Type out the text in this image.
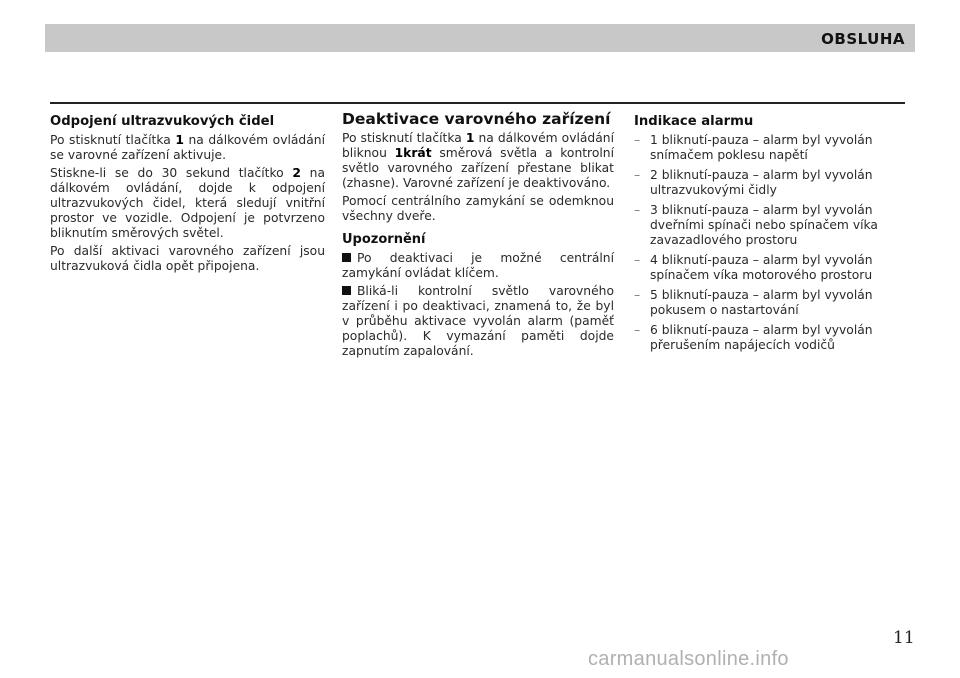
OBSLUHA
Odpojení ultrazvukových čidel

Po stisknutí tlačítka 1 na dálkovém ovládání se varovné zařízení aktivuje.

Stiskne-li se do 30 sekund tlačítko 2 na dálkovém ovládání, dojde k odpojení ultrazvukových čidel, která sledují vnitřní prostor ve vozidle. Odpojení je potvrzeno bliknutím směrových světel.

Po další aktivaci varovného zařízení jsou ultrazvuková čidla opět připojena.

Deaktivace varovného zařízení

Po stisknutí tlačítka 1 na dálkovém ovládání bliknou 1krát směrová světla a kontrolní světlo varovného zařízení přestane blikat (zhasne). Varovné zařízení je deaktivováno.

Pomocí centrálního zamykání se odemknou všechny dveře.

Upozornění

Po deaktivaci je možné centrální zamykání ovládat klíčem.

Bliká-li kontrolní světlo varovného zařízení i po deaktivaci, znamená to, že byl v průběhu aktivace vyvolán alarm (paměť poplachů). K vymazání paměti dojde zapnutím zapalování.

Indikace alarmu
– 1 bliknutí-pauza – alarm byl vyvolán snímačem poklesu napětí
– 2 bliknutí-pauza – alarm byl vyvolán ultrazvukovými čidly
– 3 bliknutí-pauza – alarm byl vyvolán dveřními spínači nebo spínačem víka zavazadlového prostoru
– 4 bliknutí-pauza – alarm byl vyvolán spínačem víka motorového prostoru
– 5 bliknutí-pauza – alarm byl vyvolán pokusem o nastartování
– 6 bliknutí-pauza – alarm byl vyvolán přerušením napájecích vodičů
11
carmanualsonline.info
